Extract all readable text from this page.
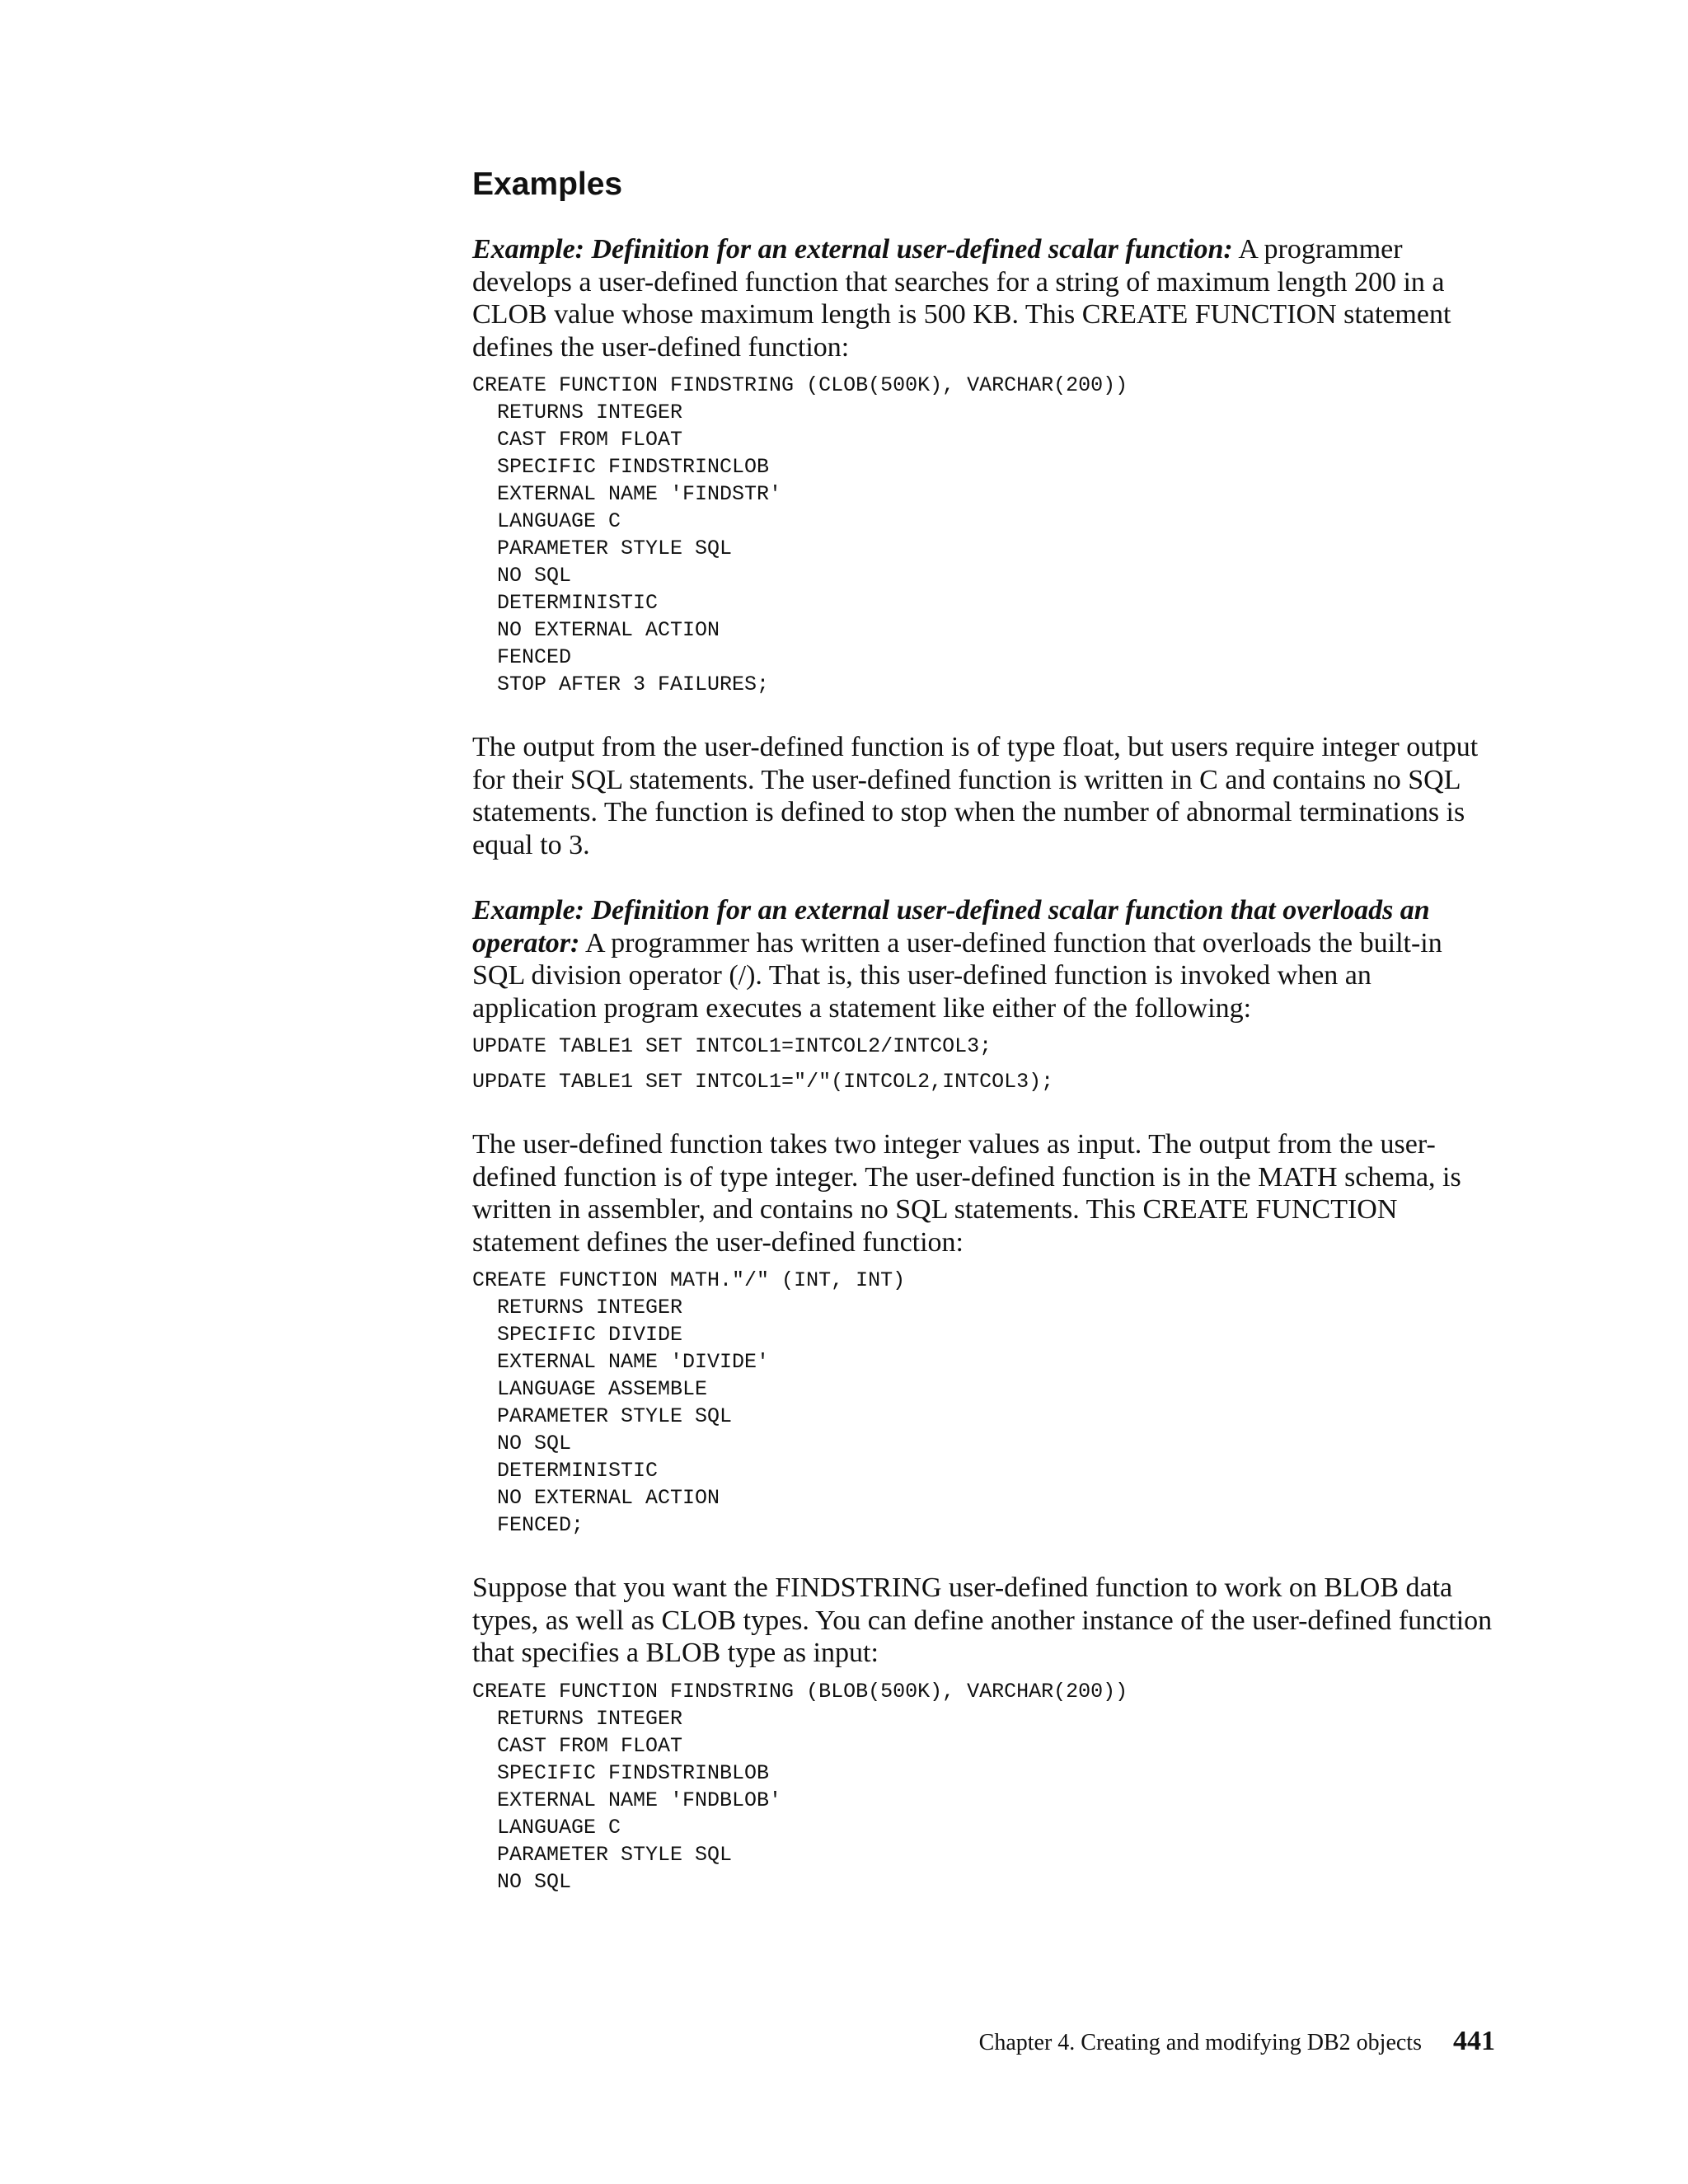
Examples

Example: Definition for an external user-defined scalar function: A programmer develops a user-defined function that searches for a string of maximum length 200 in a CLOB value whose maximum length is 500 KB. This CREATE FUNCTION statement defines the user-defined function:

CREATE FUNCTION FINDSTRING (CLOB(500K), VARCHAR(200))
RETURNS INTEGER
CAST FROM FLOAT
SPECIFIC FINDSTRINCLOB
EXTERNAL NAME 'FINDSTR'
LANGUAGE C
PARAMETER STYLE SQL
NO SQL
DETERMINISTIC
NO EXTERNAL ACTION
FENCED
STOP AFTER 3 FAILURES;

The output from the user-defined function is of type float, but users require integer output for their SQL statements. The user-defined function is written in C and contains no SQL statements. The function is defined to stop when the number of abnormal terminations is equal to 3.

Example: Definition for an external user-defined scalar function that overloads an operator: A programmer has written a user-defined function that overloads the built-in SQL division operator (/). That is, this user-defined function is invoked when an application program executes a statement like either of the following:

UPDATE TABLE1 SET INTCOL1=INTCOL2/INTCOL3;
UPDATE TABLE1 SET INTCOL1="/"(INTCOL2,INTCOL3);

The user-defined function takes two integer values as input. The output from the user-defined function is of type integer. The user-defined function is in the MATH schema, is written in assembler, and contains no SQL statements. This CREATE FUNCTION statement defines the user-defined function:

CREATE FUNCTION MATH."/" (INT, INT)
RETURNS INTEGER
SPECIFIC DIVIDE
EXTERNAL NAME 'DIVIDE'
LANGUAGE ASSEMBLE
PARAMETER STYLE SQL
NO SQL
DETERMINISTIC
NO EXTERNAL ACTION
FENCED;

Suppose that you want the FINDSTRING user-defined function to work on BLOB data types, as well as CLOB types. You can define another instance of the user-defined function that specifies a BLOB type as input:

CREATE FUNCTION FINDSTRING (BLOB(500K), VARCHAR(200))
RETURNS INTEGER
CAST FROM FLOAT
SPECIFIC FINDSTRINBLOB
EXTERNAL NAME 'FNDBLOB'
LANGUAGE C
PARAMETER STYLE SQL
NO SQL
Chapter 4. Creating and modifying DB2 objects 441
